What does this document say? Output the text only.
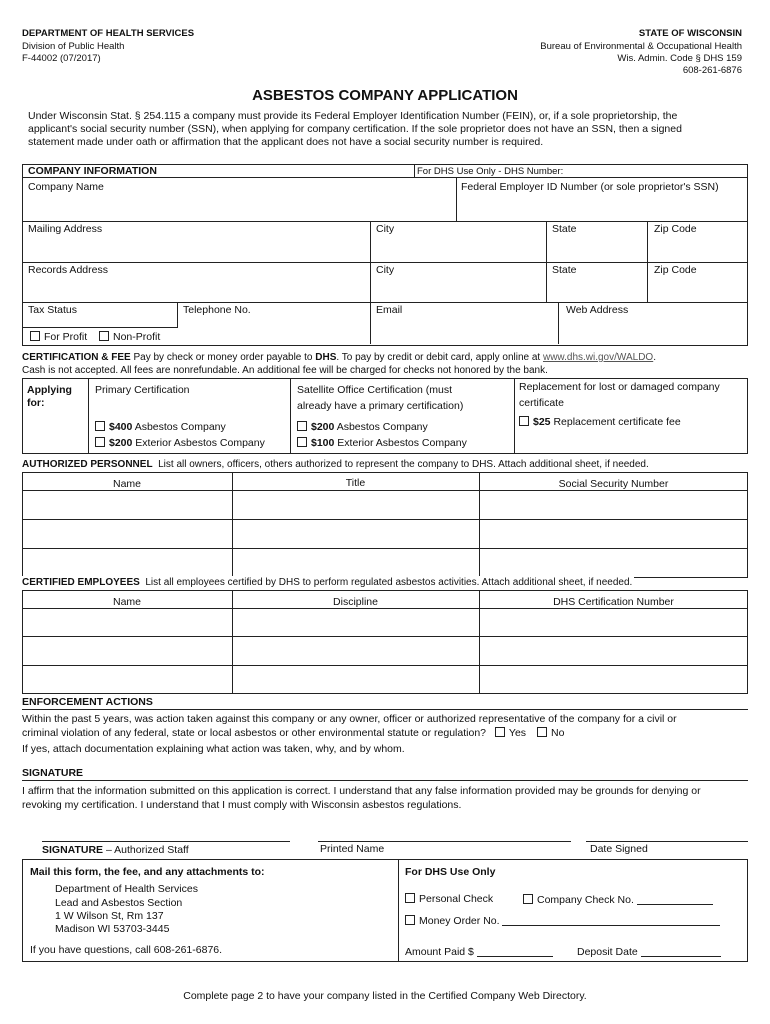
DEPARTMENT OF HEALTH SERVICES
Division of Public Health
F-44002 (07/2017)
STATE OF WISCONSIN
Bureau of Environmental & Occupational Health
Wis. Admin. Code § DHS 159
608-261-6876
ASBESTOS COMPANY APPLICATION
Under Wisconsin Stat. § 254.115 a company must provide its Federal Employer Identification Number (FEIN), or, if a sole proprietorship, the
applicant's social security number (SSN), when applying for company certification. If the sole proprietor does not have an SSN, then a signed
statement made under oath or affirmation that the applicant does not have a social security number is required.
COMPANY INFORMATION	For DHS Use Only - DHS Number:
Company Name	Federal Employer ID Number (or sole proprietor's SSN)
Mailing Address	City	State	Zip Code
Records Address	City	State	Zip Code
Tax Status	Telephone No.	Email	Web Address
For Profit	Non-Profit
CERTIFICATION & FEE Pay by check or money order payable to DHS. To pay by credit or debit card, apply online at www.dhs.wi.gov/WALDO.
Cash is not accepted. All fees are nonrefundable. An additional fee will be charged for checks not honored by the bank.
Applying
for:
Primary Certification
$400 Asbestos Company
$200 Exterior Asbestos Company
Satellite Office Certification (must
already have a primary certification)
$200 Asbestos Company
$100 Exterior Asbestos Company
Replacement for lost or damaged company
certificate
$25 Replacement certificate fee
AUTHORIZED PERSONNEL List all owners, officers, others authorized to represent the company to DHS. Attach additional sheet, if needed.
Name	Title	Social Security Number
CERTIFIED EMPLOYEES List all employees certified by DHS to perform regulated asbestos activities. Attach additional sheet, if needed.
Name	Discipline	DHS Certification Number
ENFORCEMENT ACTIONS
Within the past 5 years, was action taken against this company or any owner, officer or authorized representative of the company for a civil or
criminal violation of any federal, state or local asbestos or other environmental statute or regulation? Yes No
If yes, attach documentation explaining what action was taken, why, and by whom.
SIGNATURE
I affirm that the information submitted on this application is correct. I understand that any false information provided may be grounds for denying or
revoking my certification. I understand that I must comply with Wisconsin asbestos regulations.
SIGNATURE – Authorized Staff	Printed Name	Date Signed
Mail this form, the fee, and any attachments to:
Department of Health Services
Lead and Asbestos Section
1 W Wilson St, Rm 137
Madison WI 53703-3445
If you have questions, call 608-261-6876.
For DHS Use Only
Personal Check	Company Check No.
Money Order No.
Amount Paid $	Deposit Date
Complete page 2 to have your company listed in the Certified Company Web Directory.
